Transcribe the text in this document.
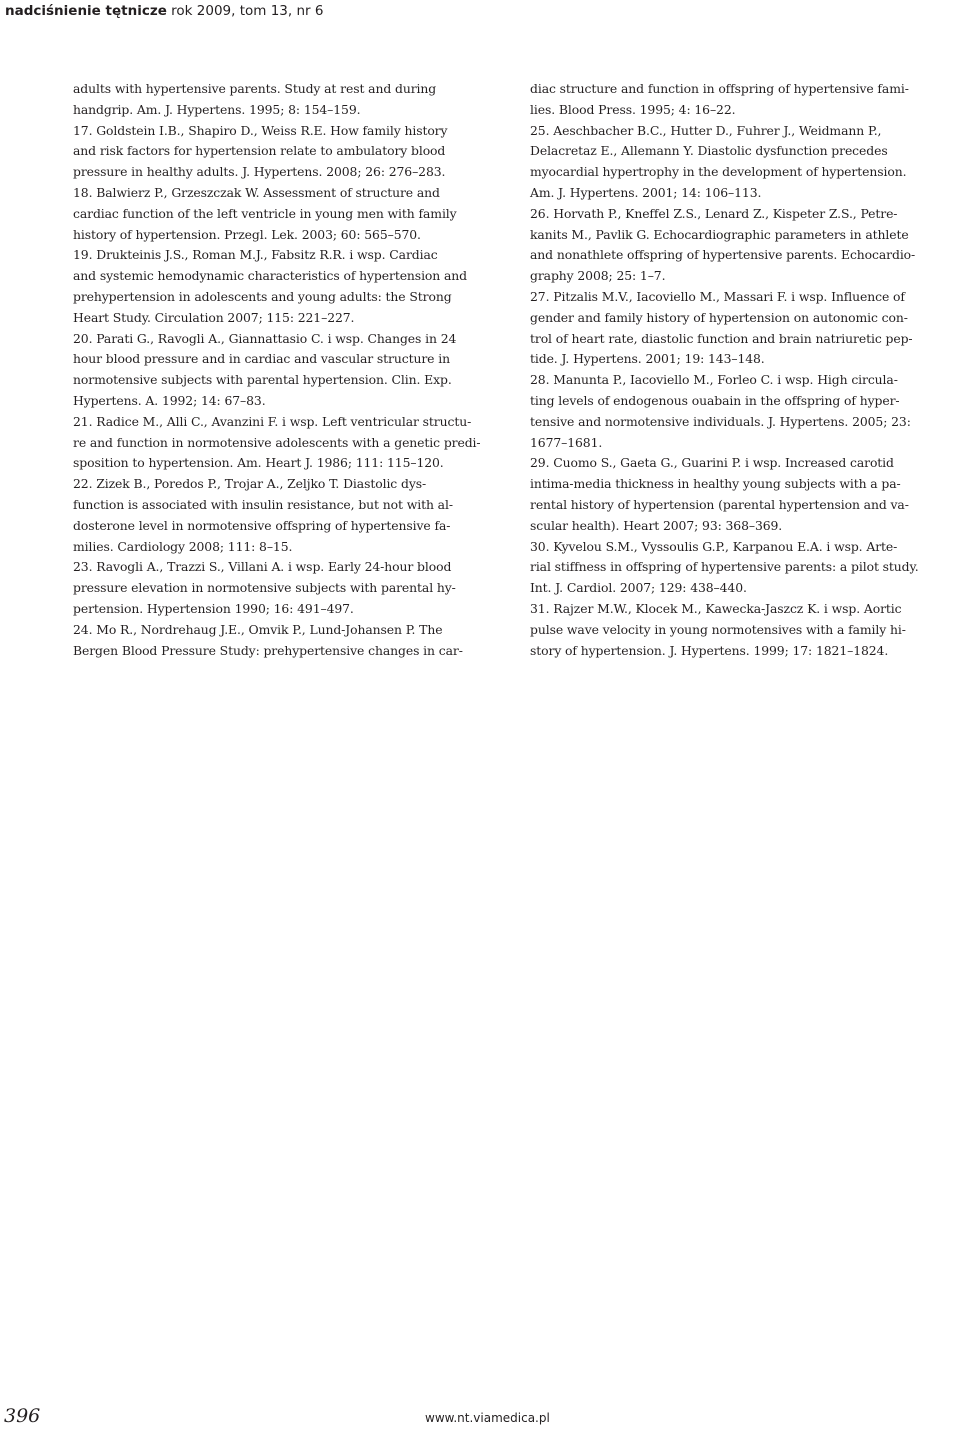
nadciśnienie tętnicze rok 2009, tom 13, nr 6
adults with hypertensive parents. Study at rest and during
handgrip. Am. J. Hypertens. 1995; 8: 154–159.
17. Goldstein I.B., Shapiro D., Weiss R.E. How family history
and risk factors for hypertension relate to ambulatory blood
pressure in healthy adults. J. Hypertens. 2008; 26: 276–283.
18. Balwierz P., Grzeszczak W. Assessment of structure and
cardiac function of the left ventricle in young men with family
history of hypertension. Przegl. Lek. 2003; 60: 565–570.
19. Drukteinis J.S., Roman M.J., Fabsitz R.R. i wsp. Cardiac
and systemic hemodynamic characteristics of hypertension and
prehypertension in adolescents and young adults: the Strong
Heart Study. Circulation 2007; 115: 221–227.
20. Parati G., Ravogli A., Giannattasio C. i wsp. Changes in 24
hour blood pressure and in cardiac and vascular structure in
normotensive subjects with parental hypertension. Clin. Exp.
Hypertens. A. 1992; 14: 67–83.
21. Radice M., Alli C., Avanzini F. i wsp. Left ventricular structu-
re and function in normotensive adolescents with a genetic predi-
sposition to hypertension. Am. Heart J. 1986; 111: 115–120.
22. Zizek B., Poredos P., Trojar A., Zeljko T. Diastolic dys-
function is associated with insulin resistance, but not with al-
dosterone level in normotensive offspring of hypertensive fa-
milies. Cardiology 2008; 111: 8–15.
23. Ravogli A., Trazzi S., Villani A. i wsp. Early 24-hour blood
pressure elevation in normotensive subjects with parental hy-
pertension. Hypertension 1990; 16: 491–497.
24. Mo R., Nordrehaug J.E., Omvik P., Lund-Johansen P. The
Bergen Blood Pressure Study: prehypertensive changes in car-
diac structure and function in offspring of hypertensive fami-
lies. Blood Press. 1995; 4: 16–22.
25. Aeschbacher B.C., Hutter D., Fuhrer J., Weidmann P.,
Delacretaz E., Allemann Y. Diastolic dysfunction precedes
myocardial hypertrophy in the development of hypertension.
Am. J. Hypertens. 2001; 14: 106–113.
26. Horvath P., Kneffel Z.S., Lenard Z., Kispeter Z.S., Petre-
kanits M., Pavlik G. Echocardiographic parameters in athlete
and nonathlete offspring of hypertensive parents. Echocardio-
graphy 2008; 25: 1–7.
27. Pitzalis M.V., Iacoviello M., Massari F. i wsp. Influence of
gender and family history of hypertension on autonomic con-
trol of heart rate, diastolic function and brain natriuretic pep-
tide. J. Hypertens. 2001; 19: 143–148.
28. Manunta P., Iacoviello M., Forleo C. i wsp. High circula-
ting levels of endogenous ouabain in the offspring of hyper-
tensive and normotensive individuals. J. Hypertens. 2005; 23:
1677–1681.
29. Cuomo S., Gaeta G., Guarini P. i wsp. Increased carotid
intima-media thickness in healthy young subjects with a pa-
rental history of hypertension (parental hypertension and va-
scular health). Heart 2007; 93: 368–369.
30. Kyvelou S.M., Vyssoulis G.P., Karpanou E.A. i wsp. Arte-
rial stiffness in offspring of hypertensive parents: a pilot study.
Int. J. Cardiol. 2007; 129: 438–440.
31. Rajzer M.W., Klocek M., Kawecka-Jaszcz K. i wsp. Aortic
pulse wave velocity in young normotensives with a family hi-
story of hypertension. J. Hypertens. 1999; 17: 1821–1824.
396	www.nt.viamedica.pl
